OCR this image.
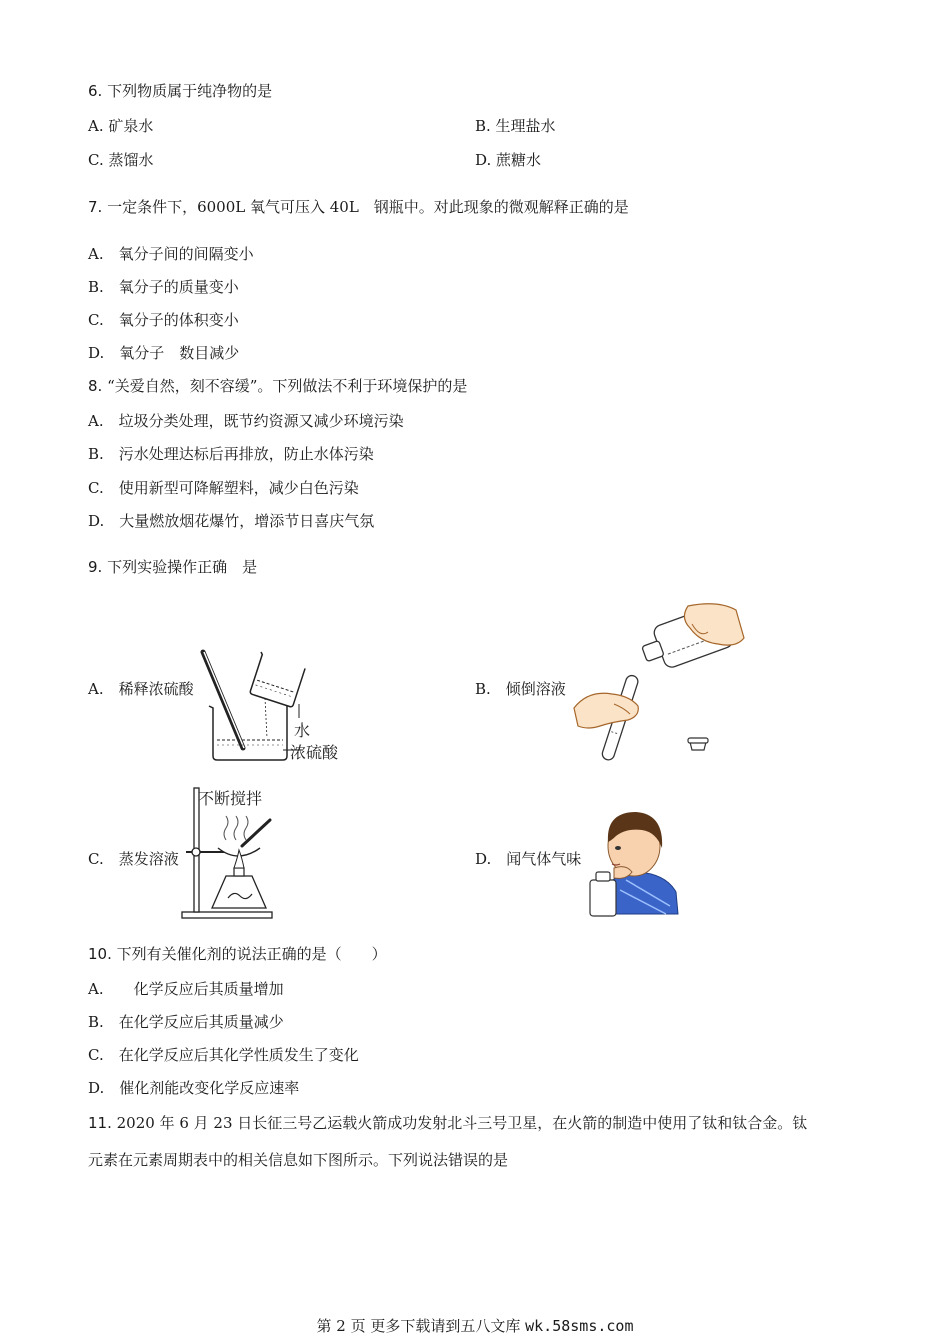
6. 下列物质属于纯净物的是
A. 矿泉水	B. 生理盐水
C. 蒸馏水	D. 蔗糖水
7. 一定条件下，6000L 氧气可压入 40L　钢瓶中。对此现象的微观解释正确的是
A.　氧分子间的间隔变小
B.　氧分子的质量变小
C.　氧分子的体积变小
D.　氧分子　数目减少
8. “关爱自然，刻不容缓”。下列做法不利于环境保护的是
A.　垃圾分类处理，既节约资源又减少环境污染
B.　污水处理达标后再排放，防止水体污染
C.　使用新型可降解塑料，减少白色污染
D.　大量燃放烟花爆竹，增添节日喜庆气氛
9. 下列实验操作正确　是
A.　稀释浓硫酸	B.　倾倒溶液
C.　蒸发溶液	D.　闻气体气味
水
浓硫酸
不断搅拌
10. 下列有关催化剂的说法正确的是（　　）
A.　　化学反应后其质量增加
B.　在化学反应后其质量减少
C.　在化学反应后其化学性质发生了变化
D.　催化剂能改变化学反应速率
11. 2020 年 6 月 23 日长征三号乙运载火箭成功发射北斗三号卫星，在火箭的制造中使用了钛和钛合金。钛
元素在元素周期表中的相关信息如下图所示。下列说法错误的是
第 2 页 更多下载请到五八文库 wk.58sms.com
